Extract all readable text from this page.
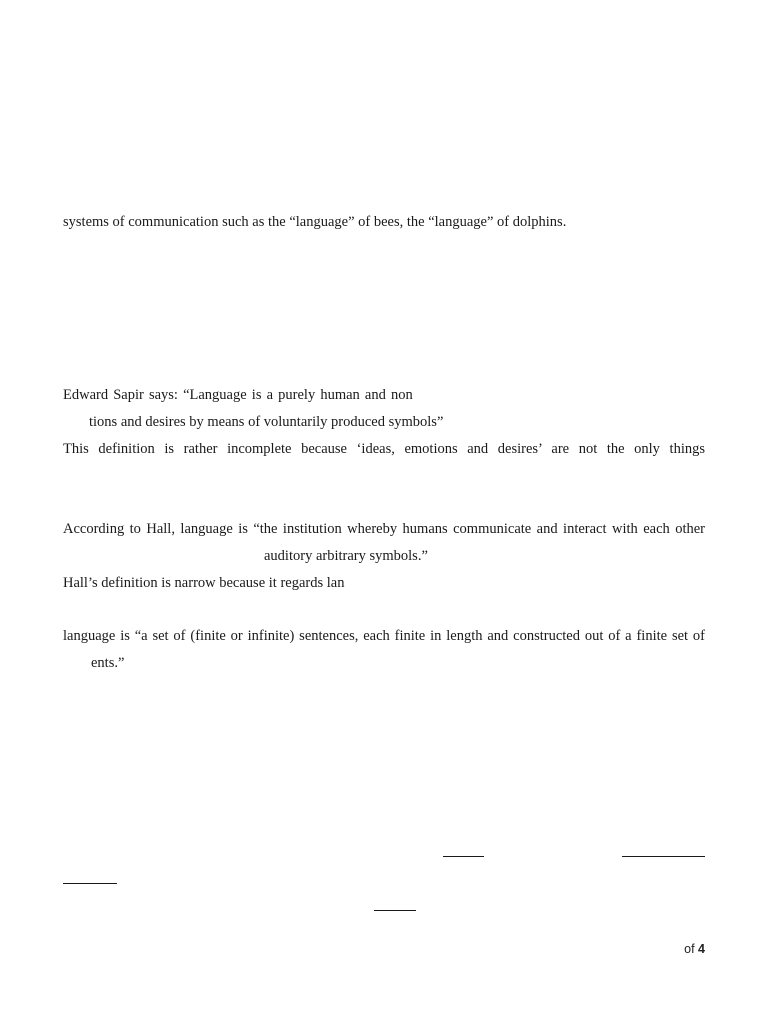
systems of communication such as the “language” of bees, the “language” of dolphins.
Edward Sapir says: “Language is a purely human and non
tions and desires by means of voluntarily produced symbols”
This definition is rather incomplete because ‘ideas, emotions and desires’ are not the only things
According to Hall, language is “the institution whereby humans communicate and interact with each other
auditory arbitrary symbols.”
Hall’s definition is narrow because it regards lan
language is “a set of (finite or infinite) sentences, each finite in length and constructed out of a finite set of
ents.”
of 4
